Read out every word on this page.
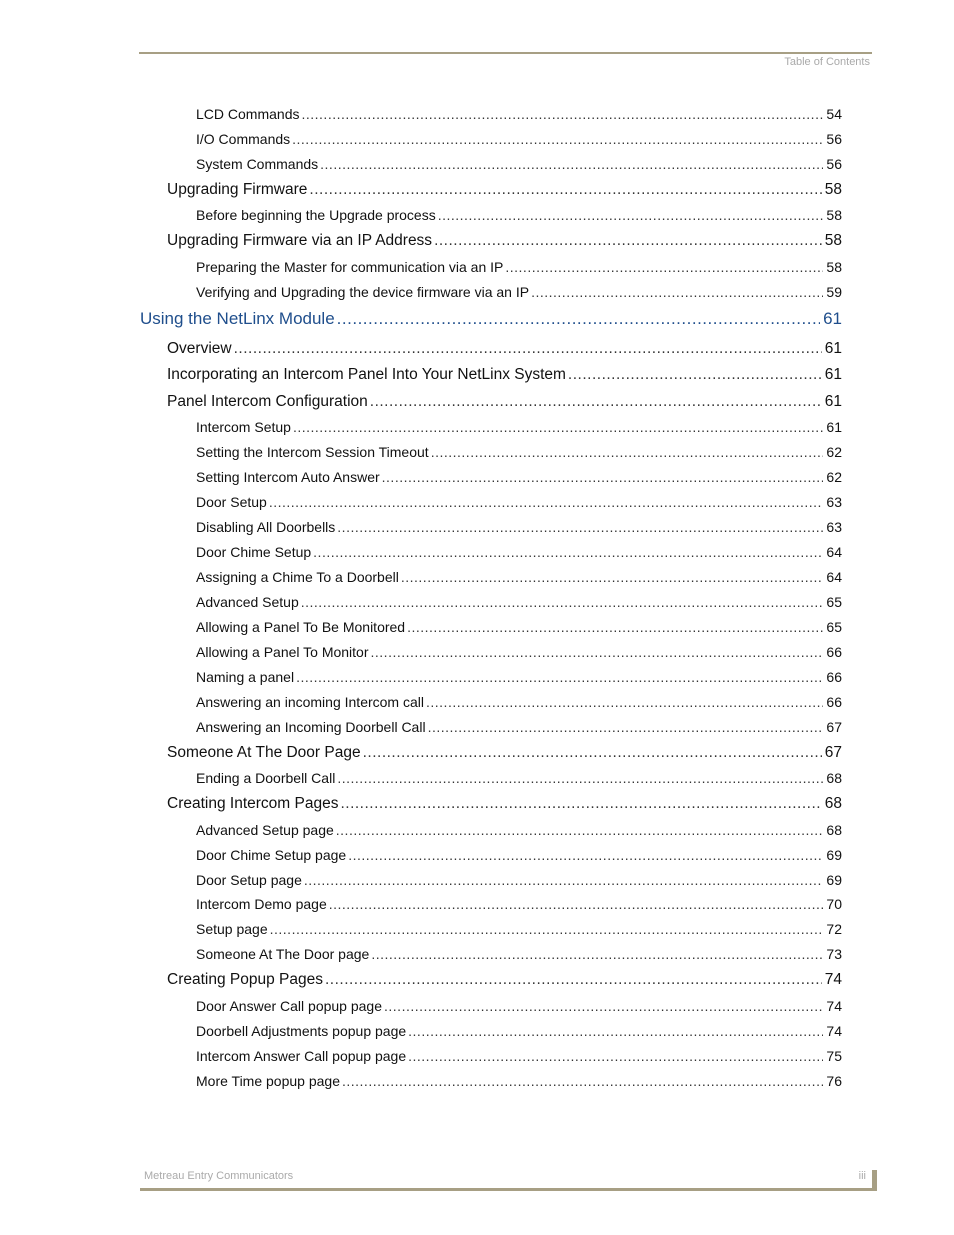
Table of Contents
LCD Commands .....	54
I/O Commands .....	56
System Commands .....	56
Upgrading Firmware .....	58
Before beginning the Upgrade process .....	58
Upgrading Firmware via an IP Address .....	58
Preparing the Master for communication via an IP .....	58
Verifying and Upgrading the device firmware via an IP .....	59
Using the NetLinx Module .....	61
Overview .....	61
Incorporating an Intercom Panel Into Your NetLinx System .....	61
Panel Intercom Configuration .....	61
Intercom Setup .....	61
Setting the Intercom Session Timeout .....	62
Setting Intercom Auto Answer .....	62
Door Setup .....	63
Disabling All Doorbells .....	63
Door Chime Setup .....	64
Assigning a Chime To a Doorbell .....	64
Advanced Setup .....	65
Allowing a Panel To Be Monitored .....	65
Allowing a Panel To Monitor .....	66
Naming a panel .....	66
Answering an incoming Intercom call .....	66
Answering an Incoming Doorbell Call .....	67
Someone At The Door Page .....	67
Ending a Doorbell Call .....	68
Creating Intercom Pages .....	68
Advanced Setup page .....	68
Door Chime Setup page .....	69
Door Setup page .....	69
Intercom Demo page .....	70
Setup page .....	72
Someone At The Door page .....	73
Creating Popup Pages .....	74
Door Answer Call popup page .....	74
Doorbell Adjustments popup page .....	74
Intercom Answer Call popup page .....	75
More Time popup page .....	76
Metreau Entry Communicators	iii
